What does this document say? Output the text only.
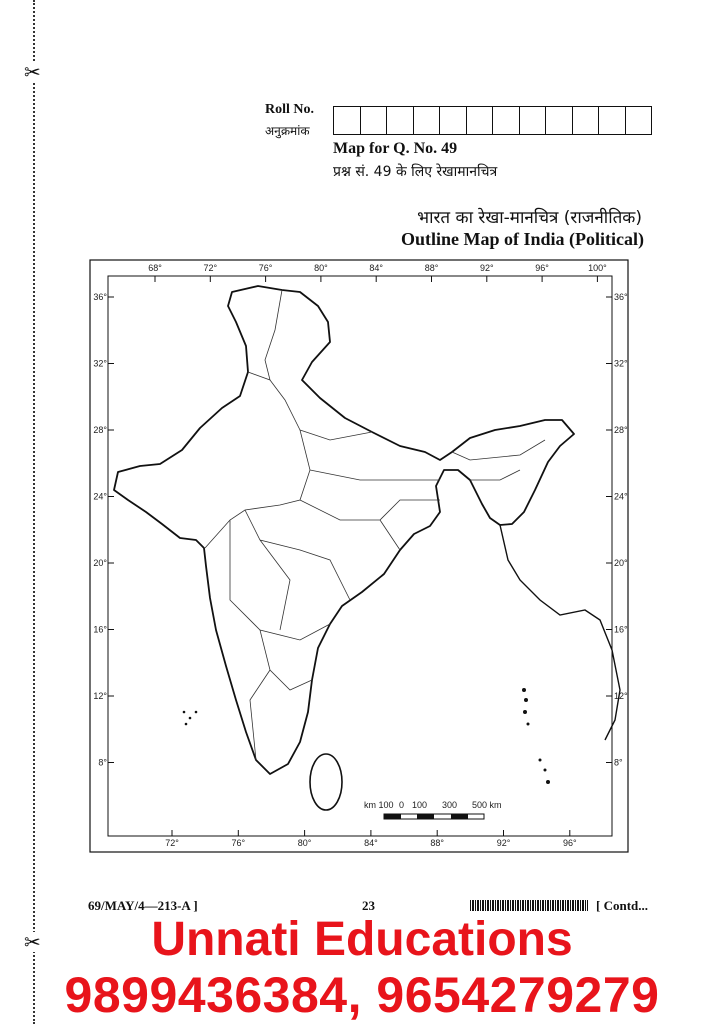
✂
✂
Roll No.
अनुक्रमांक
Map for Q. No. 49
प्रश्न सं. 49 के लिए रेखामानचित्र
भारत का रेखा-मानचित्र (राजनीतिक)
Outline Map of India (Political)
68°	72°	76°	80°	84°	88°	92°	96°	100°
72°	76°	80°	84°	88°	92°	96°
36°	36°
32°	32°
28°	28°
24°	24°
20°	20°
16°	16°
12°	12°
8°	8°
km 100 0 100 300 500 km
69/MAY/4—213-A ]	23	[ Contd...
Unnati Educations
9899436384, 9654279279
